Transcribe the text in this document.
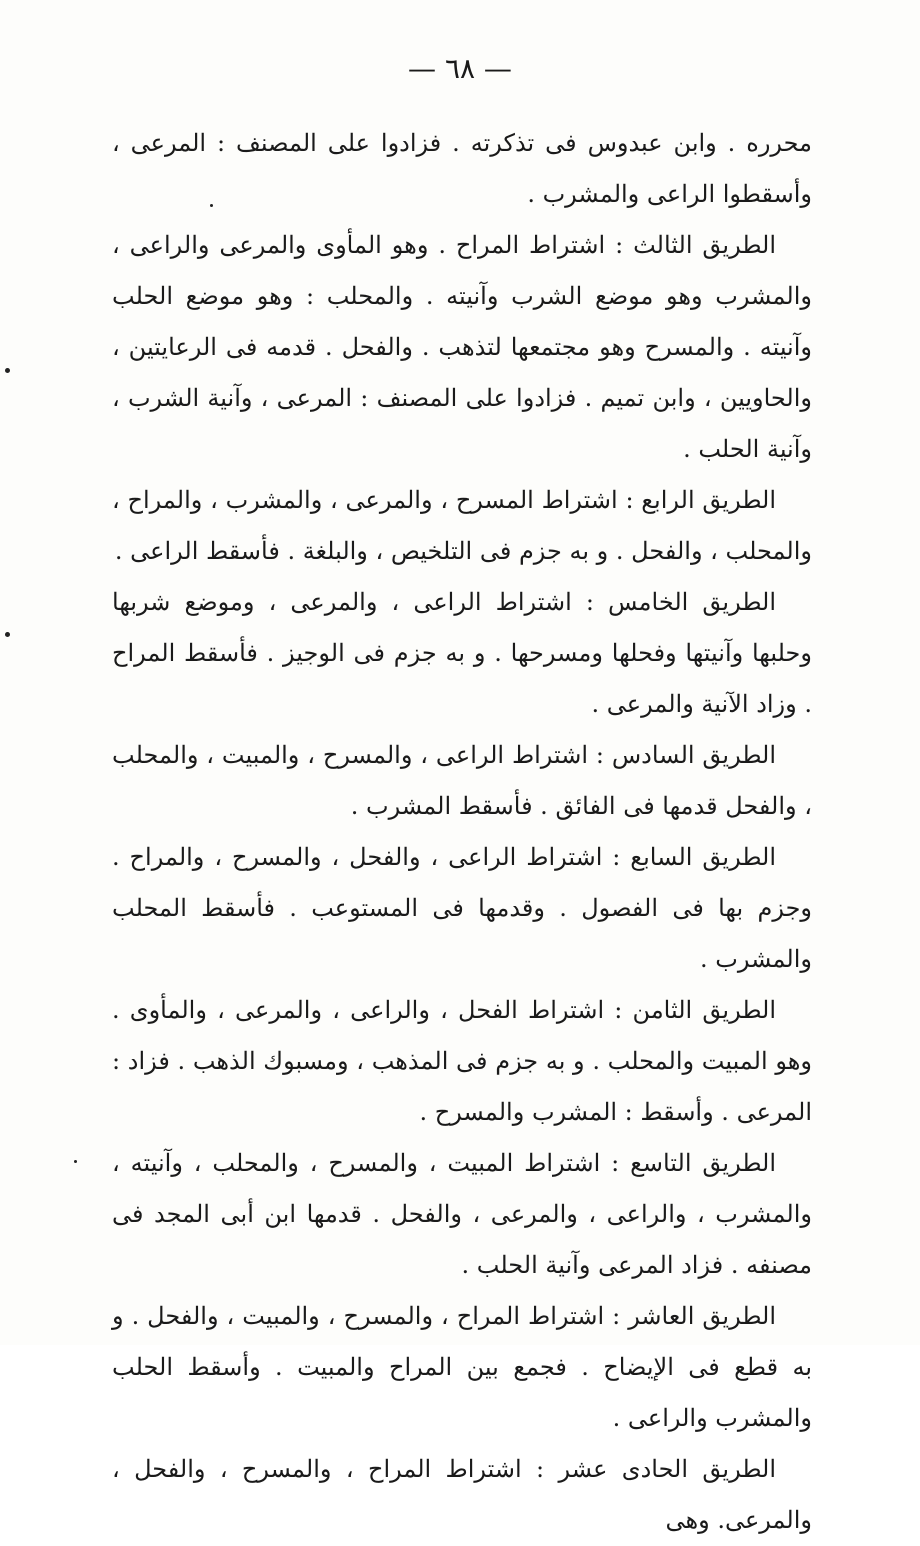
— ٦٨ —

محرره . وابن عبدوس فى تذكرته . فزادوا على المصنف : المرعى ، وأسقطوا الراعى والمشرب .

الطريق الثالث : اشتراط المراح . وهو المأوى والمرعى والراعى ، والمشرب وهو موضع الشرب وآنيته . والمحلب : وهو موضع الحلب وآنيته . والمسرح وهو مجتمعها لتذهب . والفحل . قدمه فى الرعايتين ، والحاويين ، وابن تميم . فزادوا على المصنف : المرعى ، وآنية الشرب ، وآنية الحلب .

الطريق الرابع : اشتراط المسرح ، والمرعى ، والمشرب ، والمراح ، والمحلب ، والفحل . و به جزم فى التلخيص ، والبلغة . فأسقط الراعى .

الطريق الخامس : اشتراط الراعى ، والمرعى ، وموضع شربها وحلبها وآنيتها وفحلها ومسرحها . و به جزم فى الوجيز . فأسقط المراح . وزاد الآنية والمرعى .

الطريق السادس : اشتراط الراعى ، والمسرح ، والمبيت ، والمحلب ، والفحل قدمها فى الفائق . فأسقط المشرب .

الطريق السابع : اشتراط الراعى ، والفحل ، والمسرح ، والمراح . وجزم بها فى الفصول . وقدمها فى المستوعب . فأسقط المحلب والمشرب .

الطريق الثامن : اشتراط الفحل ، والراعى ، والمرعى ، والمأوى . وهو المبيت والمحلب . و به جزم فى المذهب ، ومسبوك الذهب . فزاد : المرعى . وأسقط : المشرب والمسرح .

الطريق التاسع : اشتراط المبيت ، والمسرح ، والمحلب ، وآنيته ، والمشرب ، والراعى ، والمرعى ، والفحل . قدمها ابن أبى المجد فى مصنفه . فزاد المرعى وآنية الحلب .

الطريق العاشر : اشتراط المراح ، والمسرح ، والمبيت ، والفحل . و به قطع فى الإيضاح . فجمع بين المراح والمبيت . وأسقط الحلب والمشرب والراعى .

الطريق الحادى عشر : اشتراط المراح ، والمسرح ، والفحل ، والمرعى. وهى
